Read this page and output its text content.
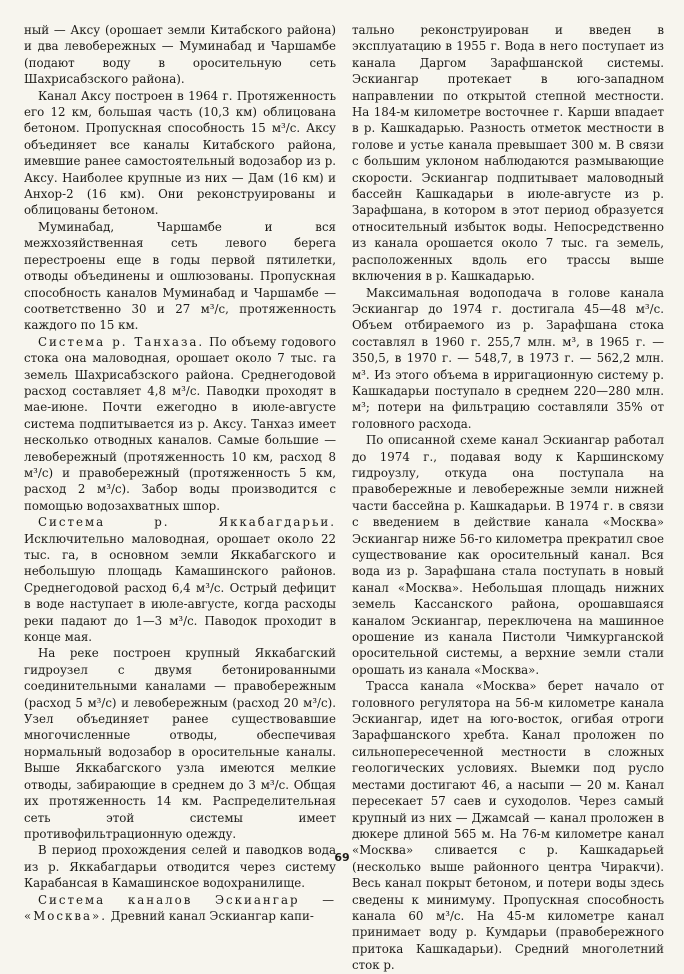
ный — Аксу (орошает земли Китабского района) и два левобережных — Муминабад и Чаршамбе (подают воду в оросительную сеть Шахрисабзского района).

Канал Аксу построен в 1964 г. Протяженность его 12 км, большая часть (10,3 км) облицована бетоном. Пропускная способность 15 м³/с. Аксу объединяет все каналы Китабского района, имевшие ранее самостоятельный водозабор из р. Аксу. Наиболее крупные из них — Дам (16 км) и Анхор-2 (16 км). Они реконструированы и облицованы бетоном.

Муминабад, Чаршамбе и вся межхозяйственная сеть левого берега перестроены еще в годы первой пятилетки, отводы объединены и ошлюзованы. Пропускная способность каналов Муминабад и Чаршамбе — соответственно 30 и 27 м³/с, протяженность каждого по 15 км.

Система р. Танхаза. По объему годового стока она маловодная, орошает около 7 тыс. га земель Шахрисабзского района. Среднегодовой расход составляет 4,8 м³/с. Паводки проходят в мае-июне. Почти ежегодно в июле-августе система подпитывается из р. Аксу. Танхаз имеет несколько отводных каналов. Самые большие — левобережный (протяженность 10 км, расход 8 м³/с) и правобережный (протяженность 5 км, расход 2 м³/с). Забор воды производится с помощью водозахватных шпор.

Система р. Яккабагдарьи. Исключительно маловодная, орошает около 22 тыс. га, в основном земли Яккабагского и небольшую площадь Камашинского районов. Среднегодовой расход 6,4 м³/с. Острый дефицит в воде наступает в июле-августе, когда расходы реки падают до 1—3 м³/с. Паводок проходит в конце мая.

На реке построен крупный Яккабагский гидроузел с двумя бетонированными соединительными каналами — правобережным (расход 5 м³/с) и левобережным (расход 20 м³/с). Узел объединяет ранее существовавшие многочисленные отводы, обеспечивая нормальный водозабор в оросительные каналы. Выше Яккабагского узла имеются мелкие отводы, забирающие в среднем до 3 м³/с. Общая их протяженность 14 км. Распределительная сеть этой системы имеет противофильтрационную одежду.

В период прохождения селей и паводков вода из р. Яккабагдарьи отводится через систему Карабансая в Камашинское водохранилище.

Система каналов Эскиангар — «Москва». Древний канал Эскиангар капи-

тально реконструирован и введен в эксплуатацию в 1955 г. Вода в него поступает из канала Даргом Зарафшанской системы. Эскиангар протекает в юго-западном направлении по открытой степной местности. На 184-м километре восточнее г. Карши впадает в р. Кашкадарью. Разность отметок местности в голове и устье канала превышает 300 м. В связи с большим уклоном наблюдаются размывающие скорости. Эскиангар подпитывает маловодный бассейн Кашкадарьи в июле-августе из р. Зарафшана, в котором в этот период образуется относительный избыток воды. Непосредственно из канала орошается около 7 тыс. га земель, расположенных вдоль его трассы выше включения в р. Кашкадарью.

Максимальная водоподача в голове канала Эскиангар до 1974 г. достигала 45—48 м³/с. Объем отбираемого из р. Зарафшана стока составлял в 1960 г. 255,7 млн. м³, в 1965 г. — 350,5, в 1970 г. — 548,7, в 1973 г. — 562,2 млн. м³. Из этого объема в ирригационную систему р. Кашкадарьи поступало в среднем 220—280 млн. м³; потери на фильтрацию составляли 35% от головного расхода.

По описанной схеме канал Эскиангар работал до 1974 г., подавая воду к Каршинскому гидроузлу, откуда она поступала на правобережные и левобережные земли нижней части бассейна р. Кашкадарьи. В 1974 г. в связи с введением в действие канала «Москва» Эскиангар ниже 56-го километра прекратил свое существование как оросительный канал. Вся вода из р. Зарафшана стала поступать в новый канал «Москва». Небольшая площадь нижних земель Кассанского района, орошавшаяся каналом Эскиангар, переключена на машинное орошение из канала Пистоли Чимкурганской оросительной системы, а верхние земли стали орошать из канала «Москва».

Трасса канала «Москва» берет начало от головного регулятора на 56-м километре канала Эскиангар, идет на юго-восток, огибая отроги Зарафшанского хребта. Канал проложен по сильнопересеченной местности в сложных геологических условиях. Выемки под русло местами достигают 46, а насыпи — 20 м. Канал пересекает 57 саев и суходолов. Через самый крупный из них — Джамсай — канал проложен в дюкере длиной 565 м. На 76-м километре канал «Москва» сливается с р. Кашкадарьей (несколько выше районного центра Чиракчи). Весь канал покрыт бетоном, и потери воды здесь сведены к минимуму. Пропускная способность канала 60 м³/с. На 45-м километре канал принимает воду р. Кумдарьи (правобережного притока Кашкадарьи). Средний многолетний сток р.

69
